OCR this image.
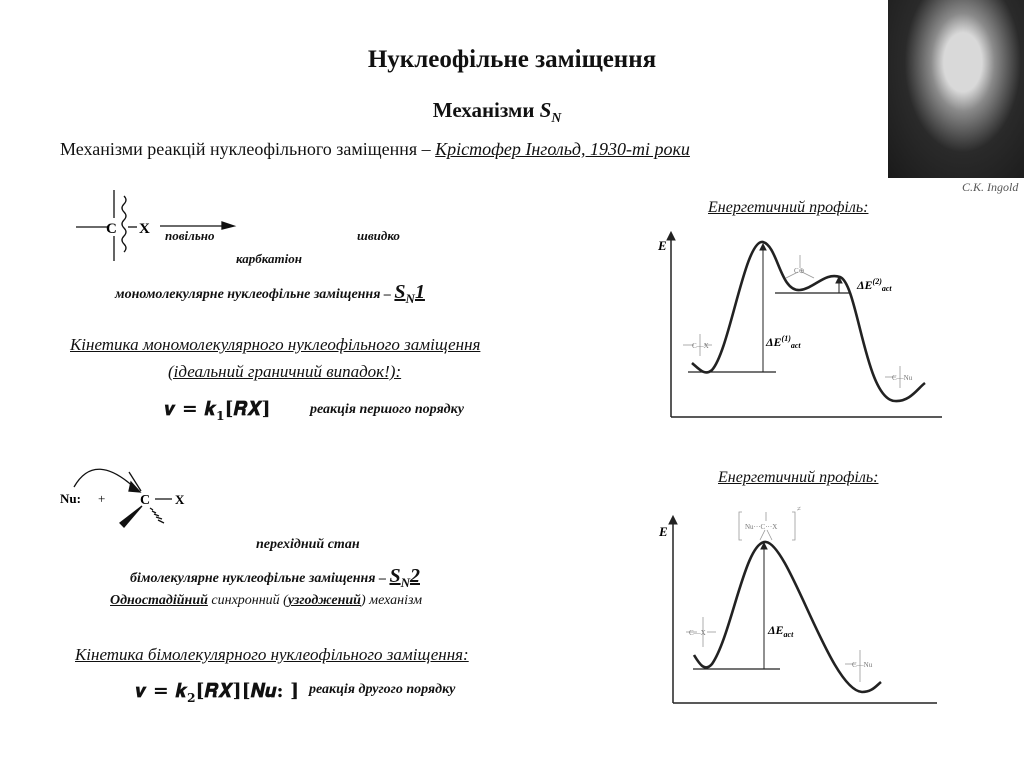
Нуклеофільне заміщення
Механізми $S_N$
Механізми реакцій нуклеофільного заміщення – Крістофер Інгольд, 1930-ті роки
C.K. Ingold
C X
Nu: + C X
E
C—X
C—Nu
C⊕
$\Delta E^{(1)}_{act}$
$\Delta E^{(2)}_{act}$
E
C—X
C—Nu
Nu···C···X
≠
$\Delta E_{act}$
повільно	швидко
карбкатіон
мономолекулярне нуклеофільне заміщення – $S_N1$
Кінетика мономолекулярного нуклеофільного заміщення
(ідеальний граничний випадок!):
𝒗 = 𝒌$_𝟏$[𝑹𝑿]	реакція першого порядку
Енергетичний профіль:
перехідний стан
бімолекулярне нуклеофільне заміщення – $S_N2$
Одностадійний синхронний (узгоджений) механізм
Кінетика бімолекулярного нуклеофільного заміщення:
𝒗 = 𝒌$_𝟐$[𝑹𝑿][𝑵𝒖: ] реакція другого порядку
Енергетичний профіль:
